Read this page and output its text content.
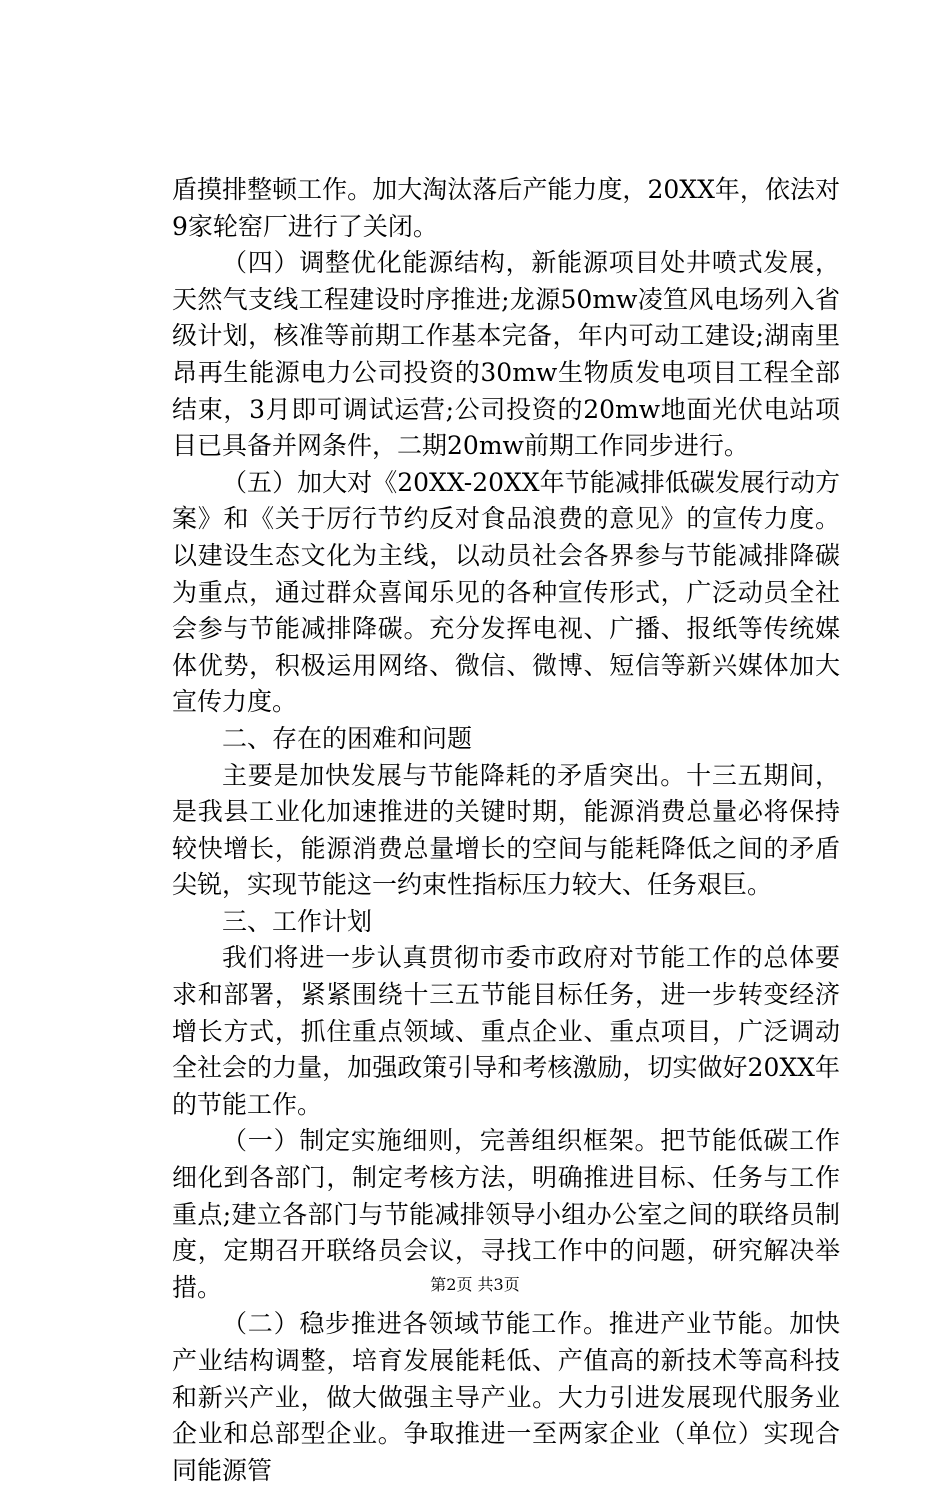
盾摸排整顿工作。加大淘汰落后产能力度，20XX年，依法对9家轮窑厂进行了关闭。

（四）调整优化能源结构，新能源项目处井喷式发展，天然气支线工程建设时序推进;龙源50mw凌笪风电场列入省级计划，核准等前期工作基本完备，年内可动工建设;湖南里昂再生能源电力公司投资的30mw生物质发电项目工程全部结束，3月即可调试运营;公司投资的20mw地面光伏电站项目已具备并网条件，二期20mw前期工作同步进行。

（五）加大对《20XX-20XX年节能减排低碳发展行动方案》和《关于厉行节约反对食品浪费的意见》的宣传力度。以建设生态文化为主线，以动员社会各界参与节能减排降碳为重点，通过群众喜闻乐见的各种宣传形式，广泛动员全社会参与节能减排降碳。充分发挥电视、广播、报纸等传统媒体优势，积极运用网络、微信、微博、短信等新兴媒体加大宣传力度。

二、存在的困难和问题

主要是加快发展与节能降耗的矛盾突出。十三五期间，是我县工业化加速推进的关键时期，能源消费总量必将保持较快增长，能源消费总量增长的空间与能耗降低之间的矛盾尖锐，实现节能这一约束性指标压力较大、任务艰巨。

三、工作计划

我们将进一步认真贯彻市委市政府对节能工作的总体要求和部署，紧紧围绕十三五节能目标任务，进一步转变经济增长方式，抓住重点领域、重点企业、重点项目，广泛调动全社会的力量，加强政策引导和考核激励，切实做好20XX年的节能工作。

（一）制定实施细则，完善组织框架。把节能低碳工作细化到各部门，制定考核方法，明确推进目标、任务与工作重点;建立各部门与节能减排领导小组办公室之间的联络员制度，定期召开联络员会议，寻找工作中的问题，研究解决举措。

（二）稳步推进各领域节能工作。推进产业节能。加快产业结构调整，培育发展能耗低、产值高的新技术等高科技和新兴产业，做大做强主导产业。大力引进发展现代服务业企业和总部型企业。争取推进一至两家企业（单位）实现合同能源管

第2页 共3页
